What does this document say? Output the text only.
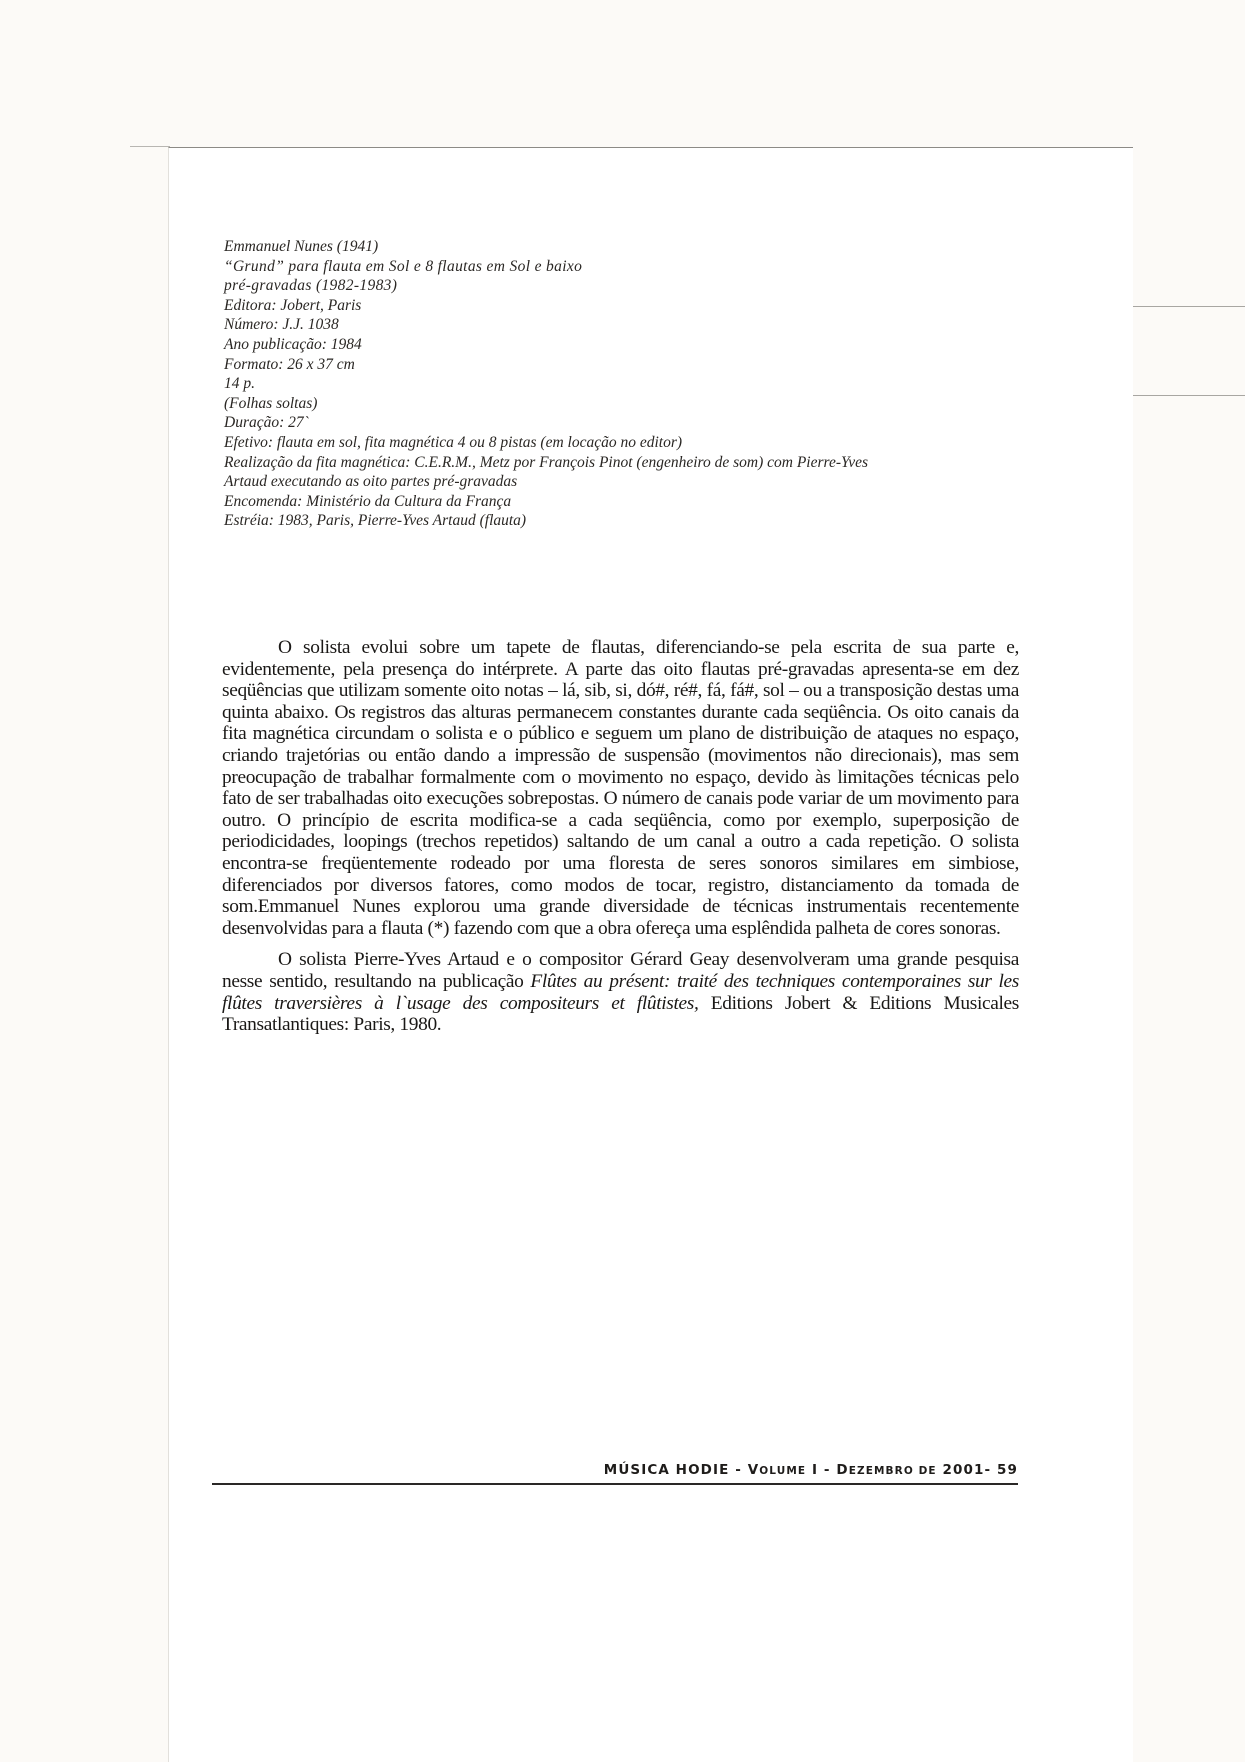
Emmanuel Nunes (1941)
“Grund” para flauta em Sol e 8 flautas em Sol e baixo
pré-gravadas (1982-1983)
Editora: Jobert, Paris
Número: J.J. 1038
Ano publicação: 1984
Formato: 26 x 37 cm
14 p.
(Folhas soltas)
Duração: 27`
Efetivo: flauta em sol, fita magnética 4 ou 8 pistas (em locação no editor)
Realização da fita magnética: C.E.R.M., Metz por François Pinot (engenheiro de som) com Pierre-Yves
Artaud executando as oito partes pré-gravadas
Encomenda: Ministério da Cultura da França
Estréia: 1983, Paris, Pierre-Yves Artaud (flauta)

O solista evolui sobre um tapete de flautas, diferenciando-se pela escrita de sua parte e, evidentemente, pela presença do intérprete. A parte das oito flautas pré-gravadas apresenta-se em dez seqüências que utilizam somente oito notas – lá, sib, si, dó#, ré#, fá, fá#, sol – ou a transposição destas uma quinta abaixo. Os registros das alturas permanecem constantes durante cada seqüência. Os oito canais da fita magnética circundam o solista e o público e seguem um plano de distribuição de ataques no espaço, criando trajetórias ou então dando a impressão de suspensão (movimentos não direcionais), mas sem preocupação de trabalhar formalmente com o movimento no espaço, devido às limitações técnicas pelo fato de ser trabalhadas oito execuções sobrepostas. O número de canais pode variar de um movimento para outro. O princípio de escrita modifica-se a cada seqüência, como por exemplo, superposição de periodicidades, loopings (trechos repetidos) saltando de um canal a outro a cada repetição. O solista encontra-se freqüentemente rodeado por uma floresta de seres sonoros similares em simbiose, diferenciados por diversos fatores, como modos de tocar, registro, distanciamento da tomada de som.Emmanuel Nunes explorou uma grande diversidade de técnicas instrumentais recentemente desenvolvidas para a flauta (*) fazendo com que a obra ofereça uma esplêndida palheta de cores sonoras.

O solista Pierre-Yves Artaud e o compositor Gérard Geay desenvolveram uma grande pesquisa nesse sentido, resultando na publicação Flûtes au présent: traité des techniques contemporaines sur les flûtes traversières à l`usage des compositeurs et flûtistes, Editions Jobert & Editions Musicales Transatlantiques: Paris, 1980.

MÚSICA HODIE - VOLUME I - DEZEMBRO DE 2001- 59
